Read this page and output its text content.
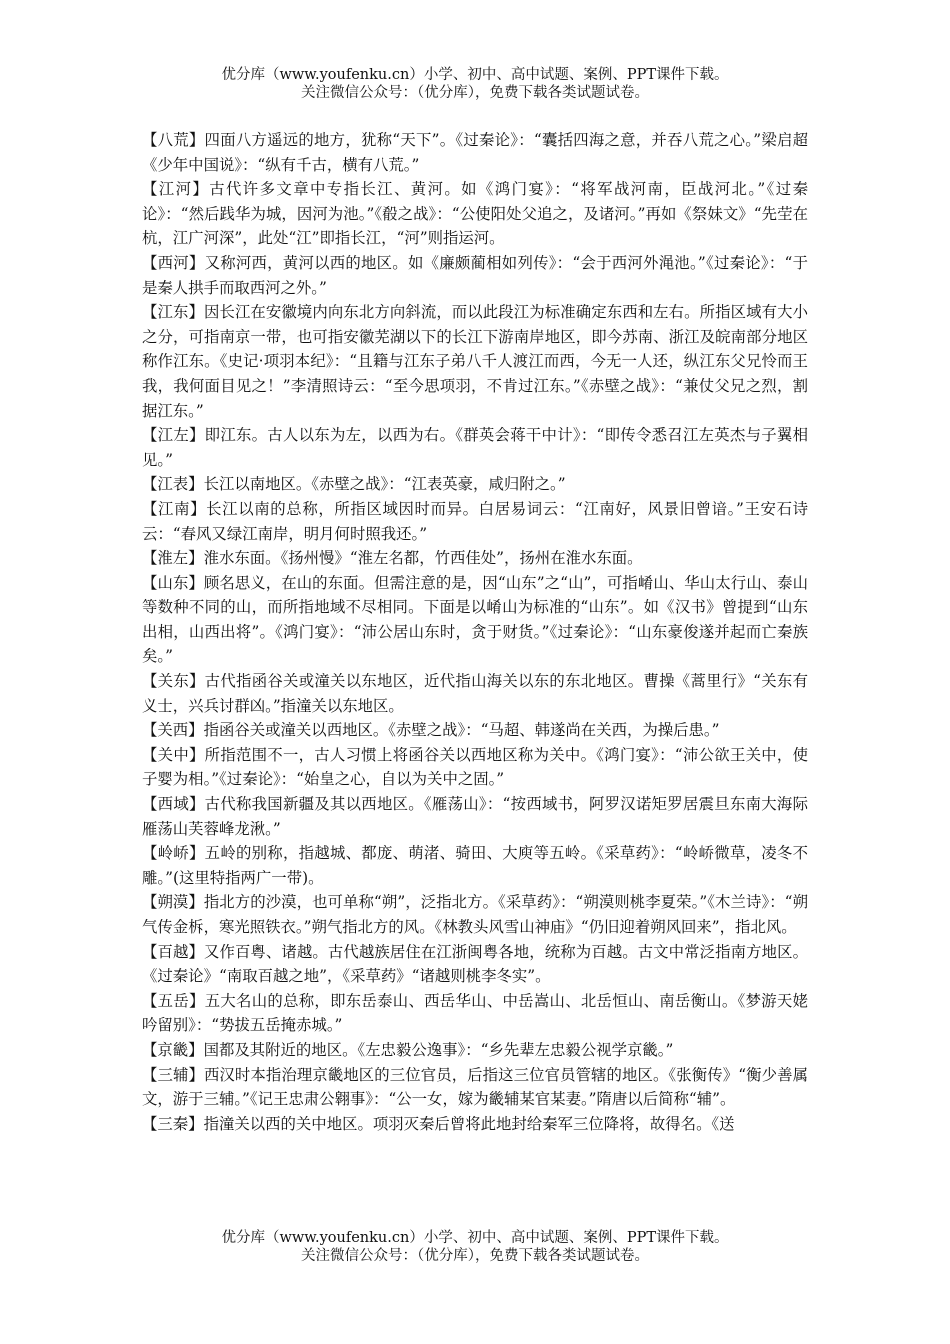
优分库（www.youfenku.cn）小学、初中、高中试题、案例、PPT课件下载。
关注微信公众号：（优分库），免费下载各类试题试卷。
【八荒】四面八方遥远的地方，犹称“天下”。《过秦论》：“囊括四海之意，并吞八荒之心。”梁启超《少年中国说》：“纵有千古，横有八荒。”
【江河】古代许多文章中专指长江、黄河。如《鸿门宴》：“将军战河南，臣战河北。”《过秦论》：“然后践华为城，因河为池。”《殽之战》：“公使阳处父追之，及诸河。”再如《祭妹文》“先茔在杭，江广河深”，此处“江”即指长江，“河”则指运河。
【西河】又称河西，黄河以西的地区。如《廉颇蔺相如列传》：“会于西河外渑池。”《过秦论》：“于是秦人拱手而取西河之外。”
【江东】因长江在安徽境内向东北方向斜流，而以此段江为标准确定东西和左右。所指区域有大小之分，可指南京一带，也可指安徽芜湖以下的长江下游南岸地区，即今苏南、浙江及皖南部分地区称作江东。《史记·项羽本纪》：“且籍与江东子弟八千人渡江而西，今无一人还，纵江东父兄怜而王我，我何面目见之！”李清照诗云：“至今思项羽，不肯过江东。”《赤壁之战》：“兼仗父兄之烈，割据江东。”
【江左】即江东。古人以东为左，以西为右。《群英会蒋干中计》：“即传令悉召江左英杰与子翼相见。”
【江表】长江以南地区。《赤壁之战》：“江表英豪，咸归附之。”
【江南】长江以南的总称，所指区域因时而异。白居易词云：“江南好，风景旧曾谙。”王安石诗云：“春风又绿江南岸，明月何时照我还。”
【淮左】淮水东面。《扬州慢》“淮左名都，竹西佳处”，扬州在淮水东面。
【山东】顾名思义，在山的东面。但需注意的是，因“山东”之“山”，可指崤山、华山太行山、泰山等数种不同的山，而所指地域不尽相同。下面是以崤山为标准的“山东”。如《汉书》曾提到“山东出相，山西出将”。《鸿门宴》：“沛公居山东时，贪于财货。”《过秦论》：“山东豪俊遂并起而亡秦族矣。”
【关东】古代指函谷关或潼关以东地区，近代指山海关以东的东北地区。曹操《蒿里行》“关东有义士，兴兵讨群凶。”指潼关以东地区。
【关西】指函谷关或潼关以西地区。《赤壁之战》：“马超、韩遂尚在关西，为操后患。”
【关中】所指范围不一，古人习惯上将函谷关以西地区称为关中。《鸿门宴》：“沛公欲王关中，使子婴为相。”《过秦论》：“始皇之心，自以为关中之固。”
【西域】古代称我国新疆及其以西地区。《雁荡山》：“按西域书，阿罗汉诺矩罗居震旦东南大海际雁荡山芙蓉峰龙湫。”
【岭峤】五岭的别称，指越城、都庞、萌渚、骑田、大庾等五岭。《采草药》：“岭峤微草，凌冬不雕。”(这里特指两广一带)。
【朔漠】指北方的沙漠，也可单称“朔”，泛指北方。《采草药》：“朔漠则桃李夏荣。”《木兰诗》：“朔气传金柝，寒光照铁衣。”朔气指北方的风。《林教头风雪山神庙》“仍旧迎着朔风回来”，指北风。
【百越】又作百粤、诸越。古代越族居住在江浙闽粤各地，统称为百越。古文中常泛指南方地区。《过秦论》“南取百越之地”，《采草药》“诸越则桃李冬实”。
【五岳】五大名山的总称，即东岳泰山、西岳华山、中岳嵩山、北岳恒山、南岳衡山。《梦游天姥吟留别》：“势拔五岳掩赤城。”
【京畿】国都及其附近的地区。《左忠毅公逸事》：“乡先辈左忠毅公视学京畿。”
【三辅】西汉时本指治理京畿地区的三位官员，后指这三位官员管辖的地区。《张衡传》“衡少善属文，游于三辅。”《记王忠肃公翱事》：“公一女，嫁为畿辅某官某妻。”隋唐以后简称“辅”。
【三秦】指潼关以西的关中地区。项羽灭秦后曾将此地封给秦军三位降将，故得名。《送
优分库（www.youfenku.cn）小学、初中、高中试题、案例、PPT课件下载。
关注微信公众号：（优分库），免费下载各类试题试卷。
